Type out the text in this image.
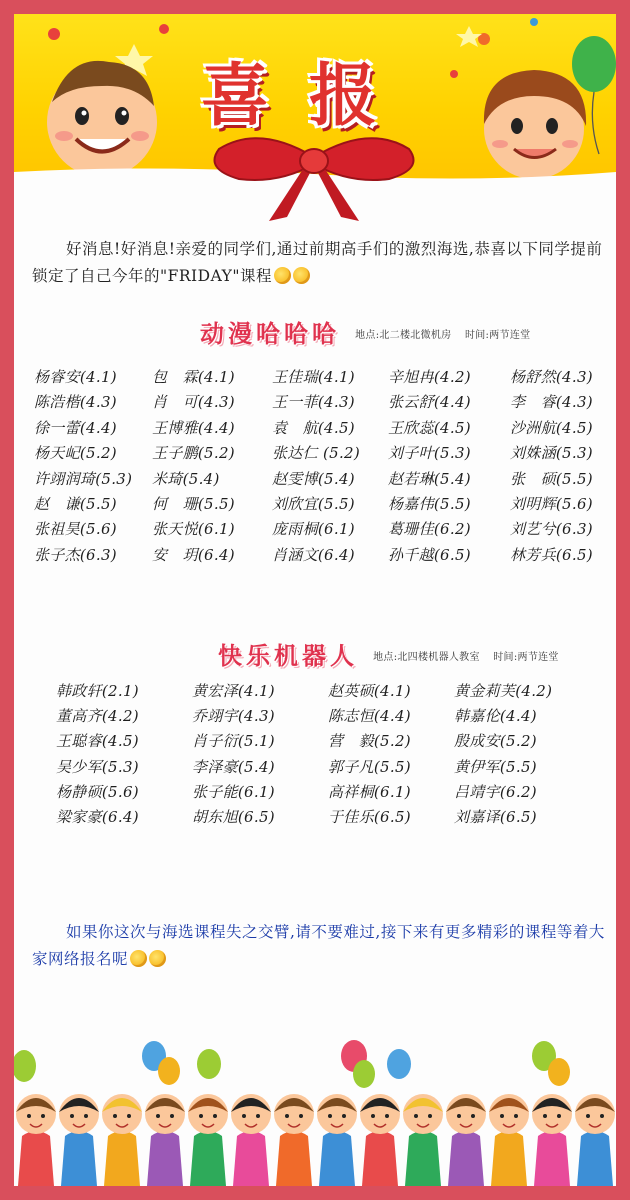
喜报
好消息!好消息!亲爱的同学们,通过前期高手们的激烈海选,恭喜以下同学提前锁定了自己今年的"FRIDAY"课程
动漫哈哈哈 地点:北二楼北微机房 时间:两节连堂
杨睿安(4.1)	包　霖(4.1)	王佳瑞(4.1)	辛旭冉(4.2)	杨舒然(4.3)
陈浩楷(4.3)	肖　可(4.3)	王一菲(4.3)	张云舒(4.4)	李　睿(4.3)
徐一蕾(4.4)	王博雅(4.4)	袁　航(4.5)	王欣蕊(4.5)	沙洲航(4.5)
杨天屺(5.2)	王子鹏(5.2)	张达仁 (5.2)	刘子叶(5.3)	刘姝涵(5.3)
许翊润琦(5.3)	米琦(5.4)	赵雯博(5.4)	赵若琳(5.4)	张　硕(5.5)
赵　谦(5.5)	何　珊(5.5)	刘欣宜(5.5)	杨嘉伟(5.5)	刘明辉(5.6)
张祖昊(5.6)	张天悦(6.1)	庞雨桐(6.1)	葛珊佳(6.2)	刘艺兮(6.3)
张子杰(6.3)	安　玥(6.4)	肖涵文(6.4)	孙千越(6.5)	林芳兵(6.5)
快乐机器人 地点:北四楼机器人教室 时间:两节连堂
韩政轩(2.1)	黄宏泽(4.1)	赵英硕(4.1)	黄金莉芙(4.2)
董高齐(4.2)	乔翊宇(4.3)	陈志恒(4.4)	韩嘉伦(4.4)
王聪睿(4.5)	肖子衍(5.1)	营　毅(5.2)	殷成安(5.2)
吴少军(5.3)	李泽豪(5.4)	郭子凡(5.5)	黄伊军(5.5)
杨静硕(5.6)	张子能(6.1)	高祥桐(6.1)	吕靖宇(6.2)
梁家豪(6.4)	胡东旭(6.5)	于佳乐(6.5)	刘嘉译(6.5)
如果你这次与海选课程失之交臂,请不要难过,接下来有更多精彩的课程等着大家网络报名呢
